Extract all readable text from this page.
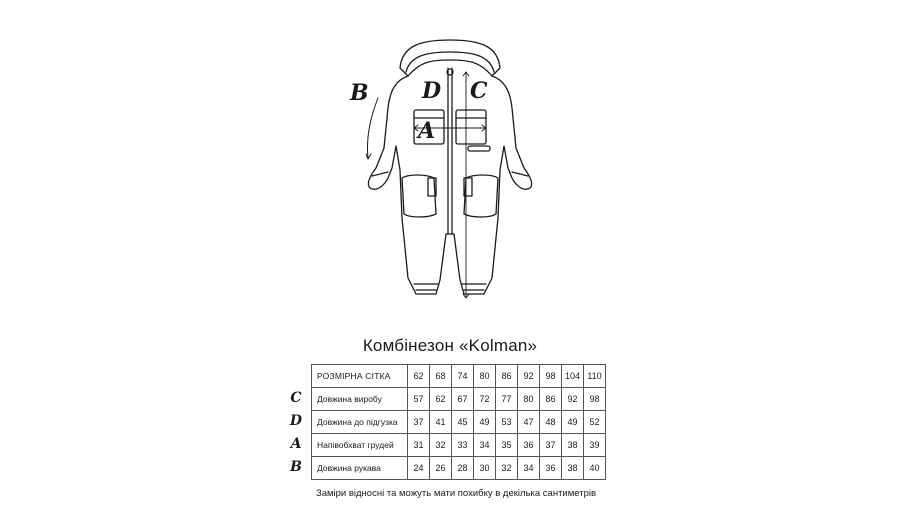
B D C
A
Комбінезон «Kolman»
РОЗМІРНА СІТКА	62	68	74	80	86	92	98	104	110
Довжина виробу	57	62	67	72	77	80	86	92	98
Довжина до підгузка	37	41	45	49	53	47	48	49	52
Напівобхват грудей	31	32	33	34	35	36	37	38	39
Довжина рукава	24	26	28	30	32	34	36	38	40
C
D
A
B
Заміри відносні та можуть мати похибку в декілька сантиметрів
